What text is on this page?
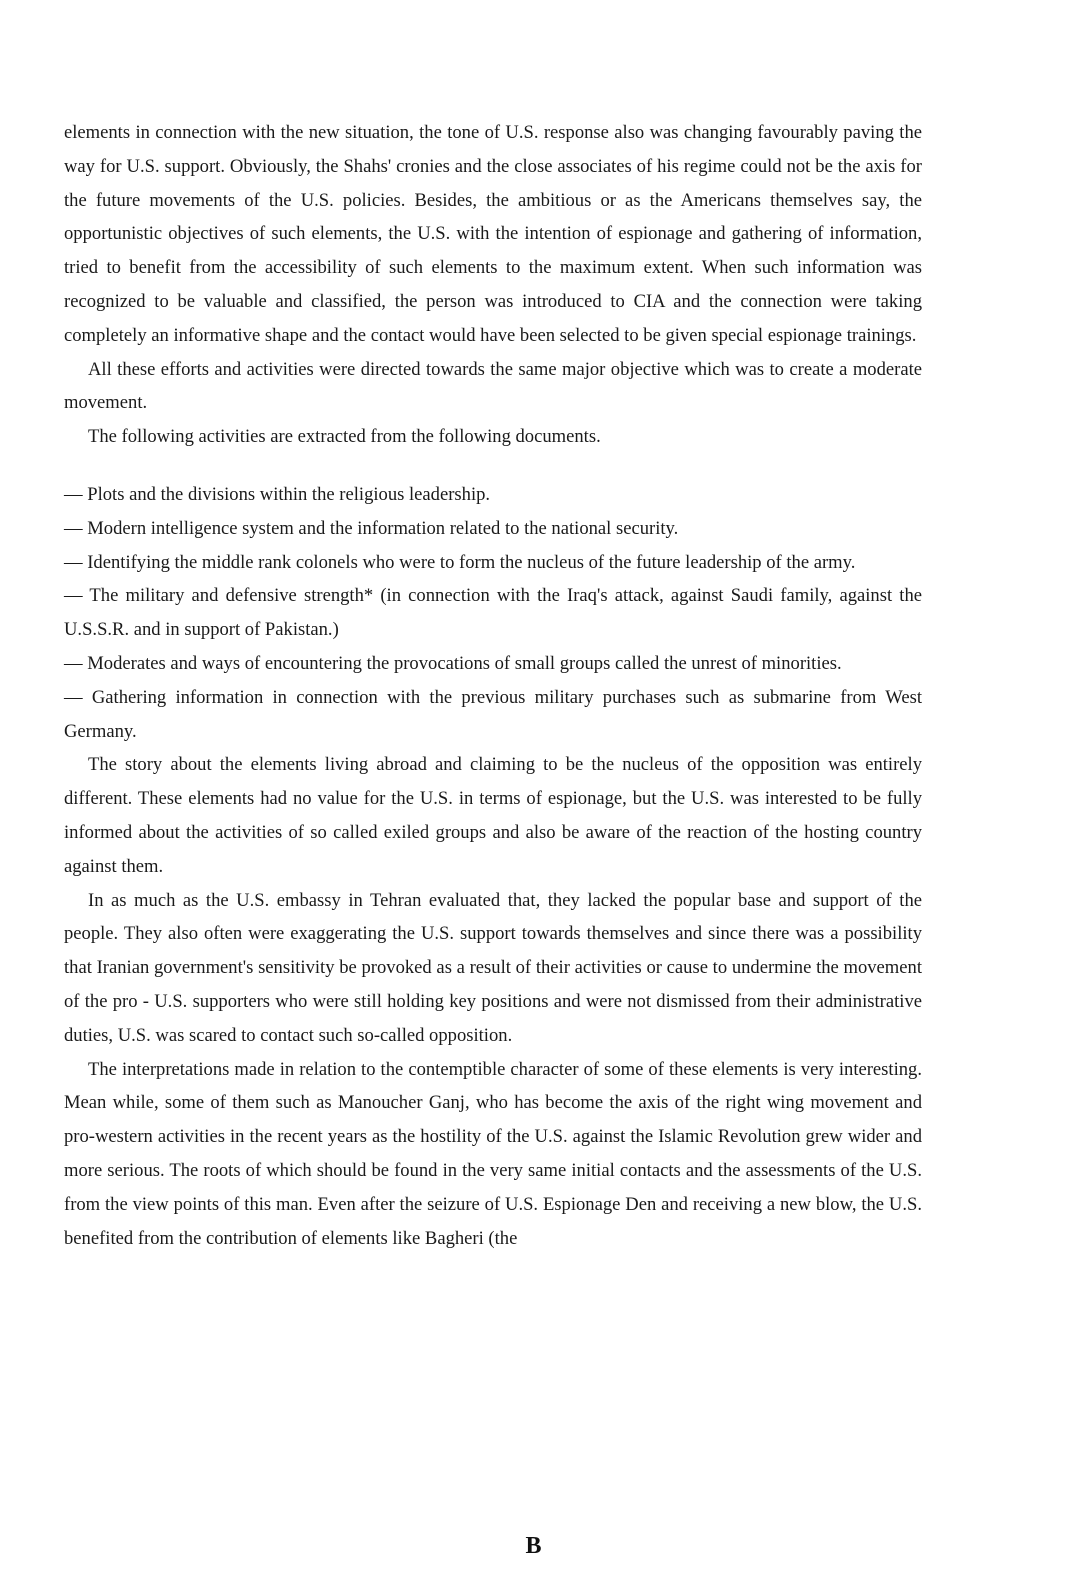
elements in connection with the new situation, the tone of U.S. response also was changing favourably paving the way for U.S. support. Obviously, the Shahs' cronies and the close associates of his regime could not be the axis for the future movements of the U.S. policies. Besides, the ambitious or as the Americans themselves say, the opportunistic objectives of such elements, the U.S. with the intention of espionage and gathering of information, tried to benefit from the accessibility of such elements to the maximum extent. When such information was recognized to be valuable and classified, the person was introduced to CIA and the connection were taking completely an informative shape and the contact would have been selected to be given special espionage trainings.

All these efforts and activities were directed towards the same major objective which was to create a moderate movement.

The following activities are extracted from the following documents.

— Plots and the divisions within the religious leadership.

— Modern intelligence system and the information related to the national security.

— Identifying the middle rank colonels who were to form the nucleus of the future leadership of the army.

— The military and defensive strength* (in connection with the Iraq's attack, against Saudi family, against the U.S.S.R. and in support of Pakistan.)

— Moderates and ways of encountering the provocations of small groups called the unrest of minorities.

— Gathering information in connection with the previous military purchases such as submarine from West Germany.

The story about the elements living abroad and claiming to be the nucleus of the opposition was entirely different. These elements had no value for the U.S. in terms of espionage, but the U.S. was interested to be fully informed about the activities of so called exiled groups and also be aware of the reaction of the hosting country against them.

In as much as the U.S. embassy in Tehran evaluated that, they lacked the popular base and support of the people. They also often were exaggerating the U.S. support towards themselves and since there was a possibility that Iranian government's sensitivity be provoked as a result of their activities or cause to undermine the movement of the pro - U.S. supporters who were still holding key positions and were not dismissed from their administrative duties, U.S. was scared to contact such so-called opposition.

The interpretations made in relation to the contemptible character of some of these elements is very interesting. Mean while, some of them such as Manoucher Ganj, who has become the axis of the right wing movement and pro-western activities in the recent years as the hostility of the U.S. against the Islamic Revolution grew wider and more serious. The roots of which should be found in the very same initial contacts and the assessments of the U.S. from the view points of this man. Even after the seizure of U.S. Espionage Den and receiving a new blow, the U.S. benefited from the contribution of elements like Bagheri (the

B
